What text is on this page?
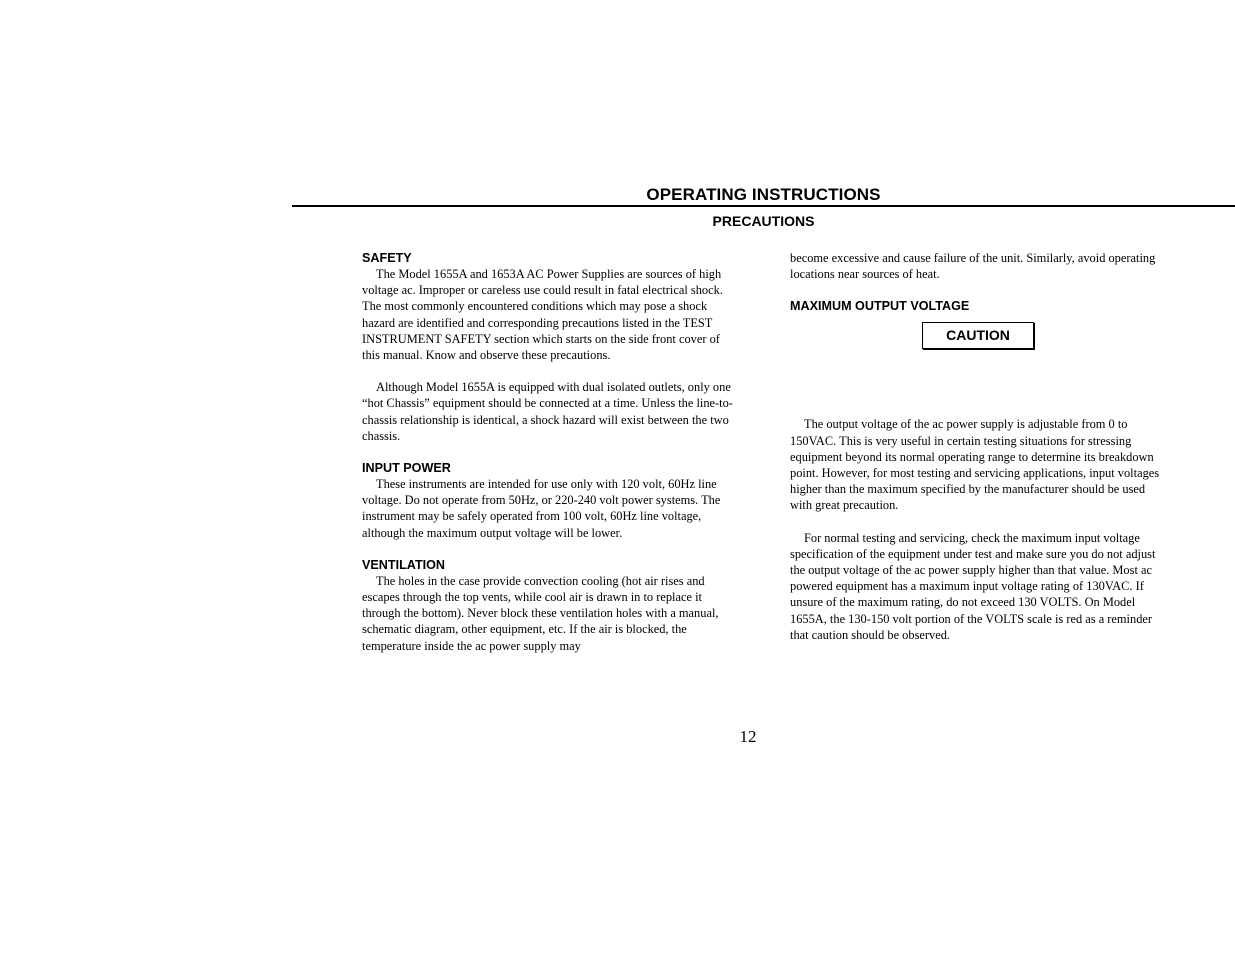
OPERATING INSTRUCTIONS
PRECAUTIONS
SAFETY

The Model 1655A and 1653A AC Power Supplies are sources of high voltage ac. Improper or careless use could result in fatal electrical shock. The most commonly encountered conditions which may pose a shock hazard are identified and corresponding precautions listed in the TEST INSTRUMENT SAFETY section which starts on the side front cover of this manual. Know and observe these precautions.

Although Model 1655A is equipped with dual isolated outlets, only one “hot Chassis” equipment should be connected at a time. Unless the line-to-chassis relationship is identical, a shock hazard will exist between the two chassis.

INPUT POWER

These instruments are intended for use only with 120 volt, 60Hz line voltage. Do not operate from 50Hz, or 220-240 volt power systems. The instrument may be safely operated from 100 volt, 60Hz line voltage, although the maximum output voltage will be lower.

VENTILATION

The holes in the case provide convection cooling (hot air rises and escapes through the top vents, while cool air is drawn in to replace it through the bottom). Never block these ventilation holes with a manual, schematic diagram, other equipment, etc. If the air is blocked, the temperature inside the ac power supply may

become excessive and cause failure of the unit. Similarly, avoid operating locations near sources of heat.

MAXIMUM OUTPUT VOLTAGE
CAUTION

The output voltage of the ac power supply is adjustable from 0 to 150VAC. This is very useful in certain testing situations for stressing equipment beyond its normal operating range to determine its breakdown point. However, for most testing and servicing applications, input voltages higher than the maximum specified by the manufacturer should be used with great precaution.

For normal testing and servicing, check the maximum input voltage specification of the equipment under test and make sure you do not adjust the output voltage of the ac power supply higher than that value. Most ac powered equipment has a maximum input voltage rating of 130VAC. If unsure of the maximum rating, do not exceed 130 VOLTS. On Model 1655A, the 130-150 volt portion of the VOLTS scale is red as a reminder that caution should be observed.

12
